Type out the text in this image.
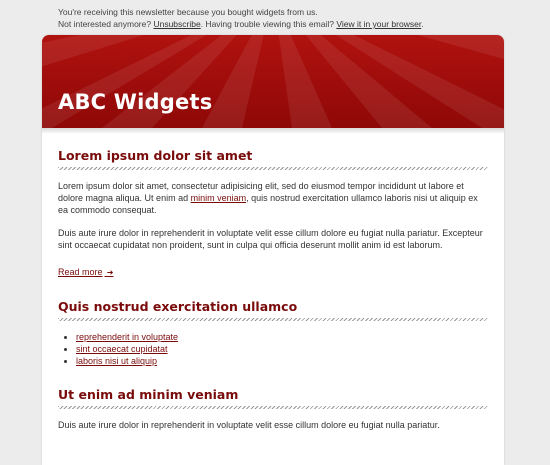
You're receiving this newsletter because you bought widgets from us.
Not interested anymore? Unsubscribe. Having trouble viewing this email? View it in your browser.
ABC Widgets
Lorem ipsum dolor sit amet

Lorem ipsum dolor sit amet, consectetur adipisicing elit, sed do eiusmod tempor incididunt ut labore et dolore magna aliqua. Ut enim ad minim veniam, quis nostrud exercitation ullamco laboris nisi ut aliquip ex ea commodo consequat.

Duis aute irure dolor in reprehenderit in voluptate velit esse cillum dolore eu fugiat nulla pariatur. Excepteur sint occaecat cupidatat non proident, sunt in culpa qui officia deserunt mollit anim id est laborum.

Read more ➜
Quis nostrud exercitation ullamco
• reprehenderit in voluptate
• sint occaecat cupidatat
• laboris nisi ut aliquip
Ut enim ad minim veniam

Duis aute irure dolor in reprehenderit in voluptate velit esse cillum dolore eu fugiat nulla pariatur.
